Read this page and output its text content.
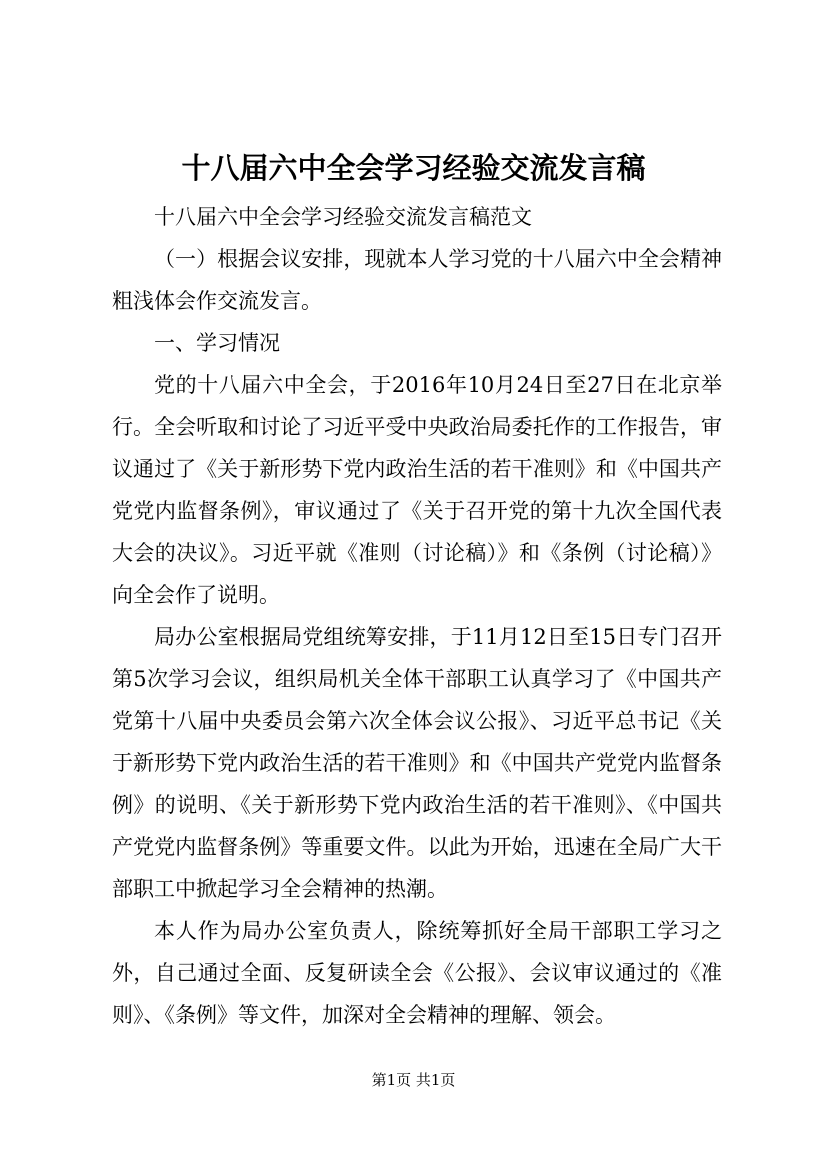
十八届六中全会学习经验交流发言稿

十八届六中全会学习经验交流发言稿范文

（一）根据会议安排，现就本人学习党的十八届六中全会精神粗浅体会作交流发言。

一、学习情况

党的十八届六中全会，于2016年10月24日至27日在北京举行。全会听取和讨论了习近平受中央政治局委托作的工作报告，审议通过了《关于新形势下党内政治生活的若干准则》和《中国共产党党内监督条例》，审议通过了《关于召开党的第十九次全国代表大会的决议》。习近平就《准则（讨论稿）》和《条例（讨论稿）》向全会作了说明。

局办公室根据局党组统筹安排，于11月12日至15日专门召开第5次学习会议，组织局机关全体干部职工认真学习了《中国共产党第十八届中央委员会第六次全体会议公报》、习近平总书记《关于新形势下党内政治生活的若干准则》和《中国共产党党内监督条例》的说明、《关于新形势下党内政治生活的若干准则》、《中国共产党党内监督条例》等重要文件。以此为开始，迅速在全局广大干部职工中掀起学习全会精神的热潮。

本人作为局办公室负责人，除统筹抓好全局干部职工学习之外，自己通过全面、反复研读全会《公报》、会议审议通过的《准则》、《条例》等文件，加深对全会精神的理解、领会。

第1页 共1页
